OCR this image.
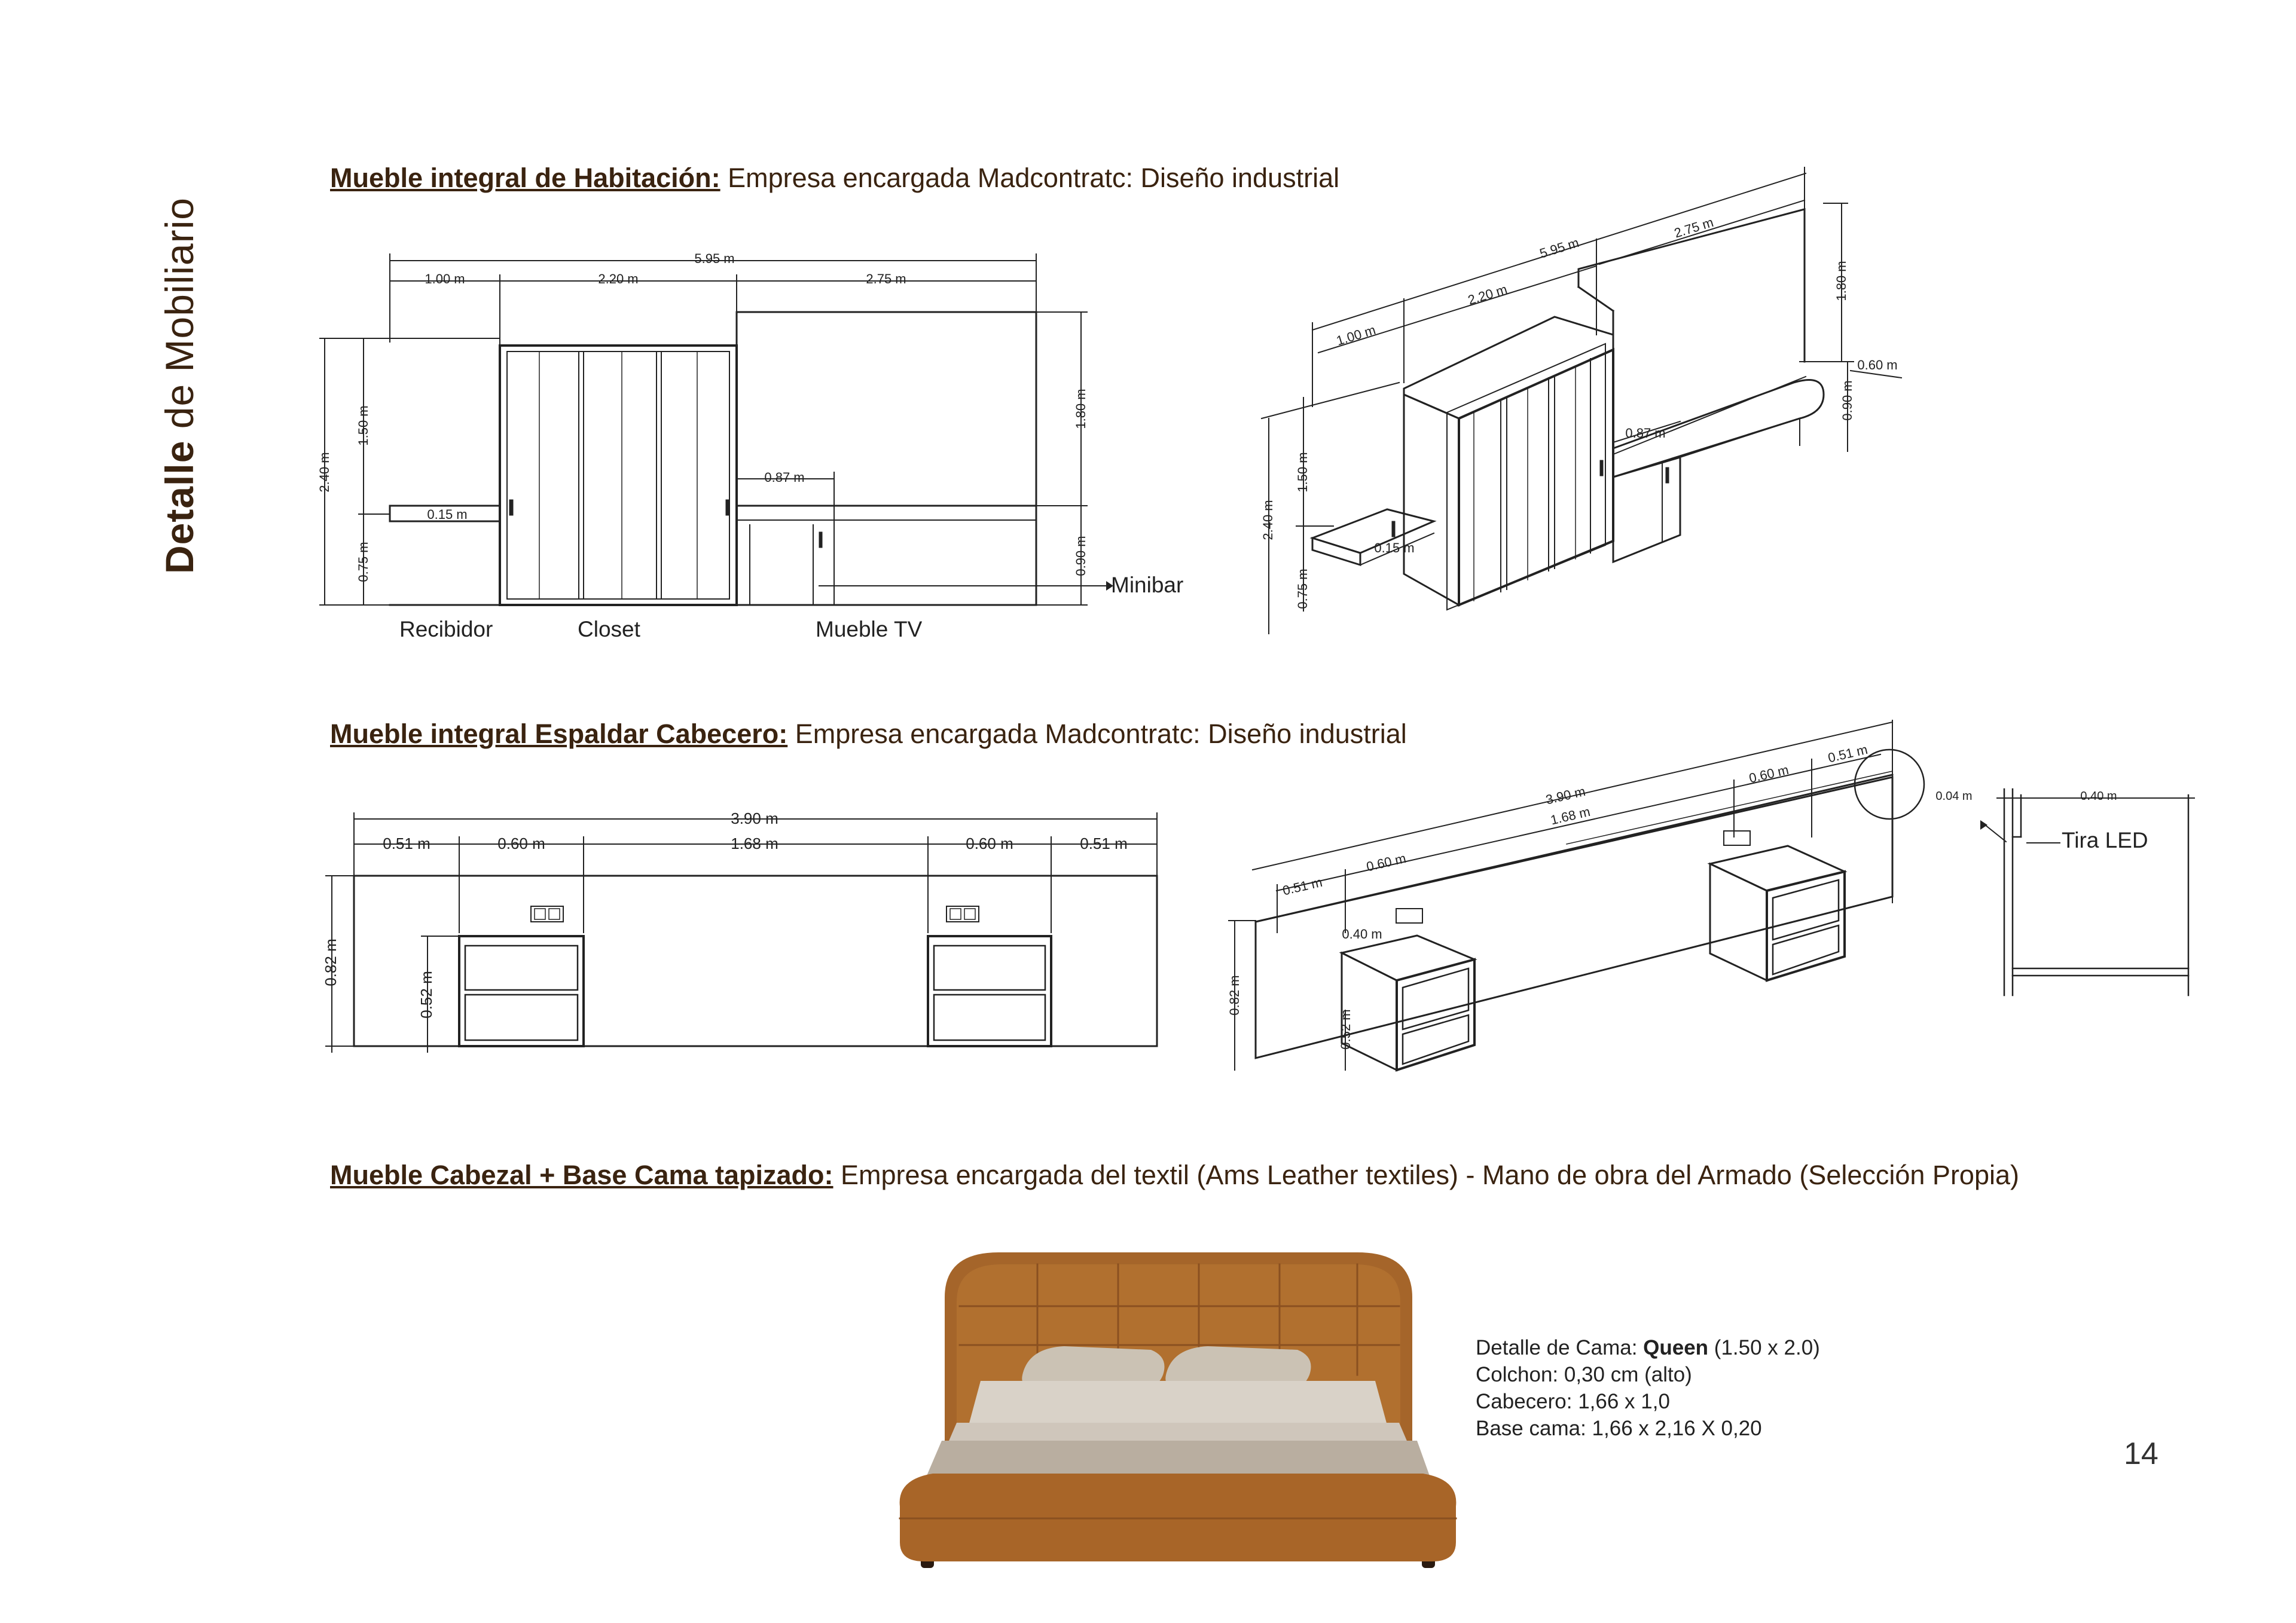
Detalle de Mobiliario
Mueble integral de Habitación: Empresa encargada Madcontratc: Diseño industrial
Mueble integral Espaldar Cabecero: Empresa encargada Madcontratc: Diseño industrial
Mueble Cabezal + Base Cama tapizado: Empresa encargada del textil (Ams Leather textiles) - Mano de obra del Armado (Selección Propia)
5.95 m
1.00 m	2.20 m	2.75 m
2.40 m
1.50 m
0.75 m
0.15 m
1.80 m
0.90 m
0.87 m
5.95 m
1.00 m
2.20 m
2.75 m
2.40 m
1.50 m
0.75 m
0.15 m
1.80 m
0.90 m
0.60 m
0.87 m
3.90 m
0.51 m	0.60 m	1.68 m	0.60 m	0.51 m
0.82 m
0.52 m
3.90 m
1.68 m
0.51 m
0.60 m
0.60 m
0.51 m
0.82 m
0.40 m
0.52 m
0.04 m	0.40 m
Recibidor	Closet	Mueble TV
Minibar
Tira LED
Detalle de Cama: Queen (1.50 x 2.0)
Colchon: 0,30 cm (alto)
Cabecero: 1,66 x 1,0
Base cama: 1,66 x 2,16 X 0,20
14
